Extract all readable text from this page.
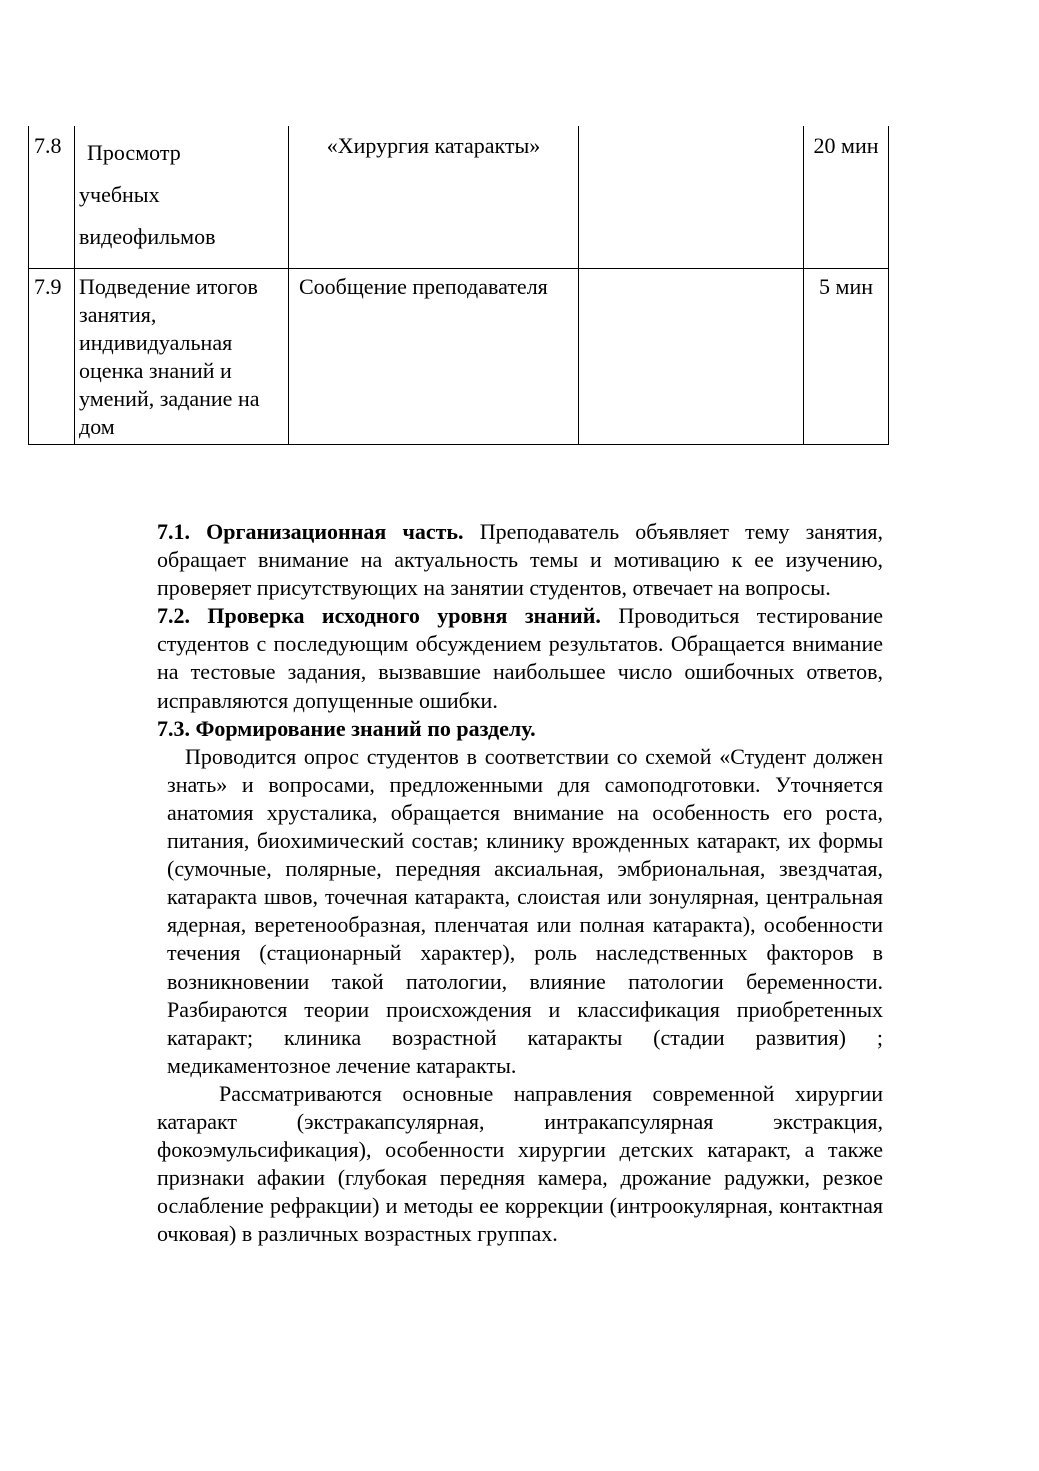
7.8	Просмотр
учебных
видеофильмов	«Хирургия катаракты»		20 мин
7.9	Подведение итогов занятия, индивидуальная оценка знаний и умений, задание на дом	Сообщение преподавателя		5 мин

7.1. Организационная часть. Преподаватель объявляет тему занятия, обращает внимание на актуальность темы и мотивацию к ее изучению, проверяет присутствующих на занятии студентов, отвечает на вопросы.

7.2. Проверка исходного уровня знаний. Проводиться тестирование студентов с последующим обсуждением результатов. Обращается внимание на тестовые задания, вызвавшие наибольшее число ошибочных ответов, исправляются допущенные ошибки.

7.3. Формирование знаний по разделу.

Проводится опрос студентов в соответствии со схемой «Студент должен знать» и вопросами, предложенными для самоподготовки. Уточняется анатомия хрусталика, обращается внимание на особенность его роста, питания, биохимический состав; клинику врожденных катаракт, их формы (сумочные, полярные, передняя аксиальная, эмбриональная, звездчатая, катаракта швов, точечная катаракта, слоистая или зонулярная, центральная ядерная, веретенообразная, пленчатая или полная катаракта), особенности течения (стационарный характер), роль наследственных факторов в возникновении такой патологии, влияние патологии беременности. Разбираются теории происхождения и классификация приобретенных катаракт; клиника возрастной катаракты (стадии развития) ; медикаментозное лечение катаракты.

Рассматриваются основные направления современной хирургии катаракт (экстракапсулярная, интракапсулярная экстракция, фокоэмульсификация), особенности хирургии детских катаракт, а также признаки афакии (глубокая передняя камера, дрожание радужки, резкое ослабление рефракции) и методы ее коррекции (интроокулярная, контактная очковая) в различных возрастных группах.
